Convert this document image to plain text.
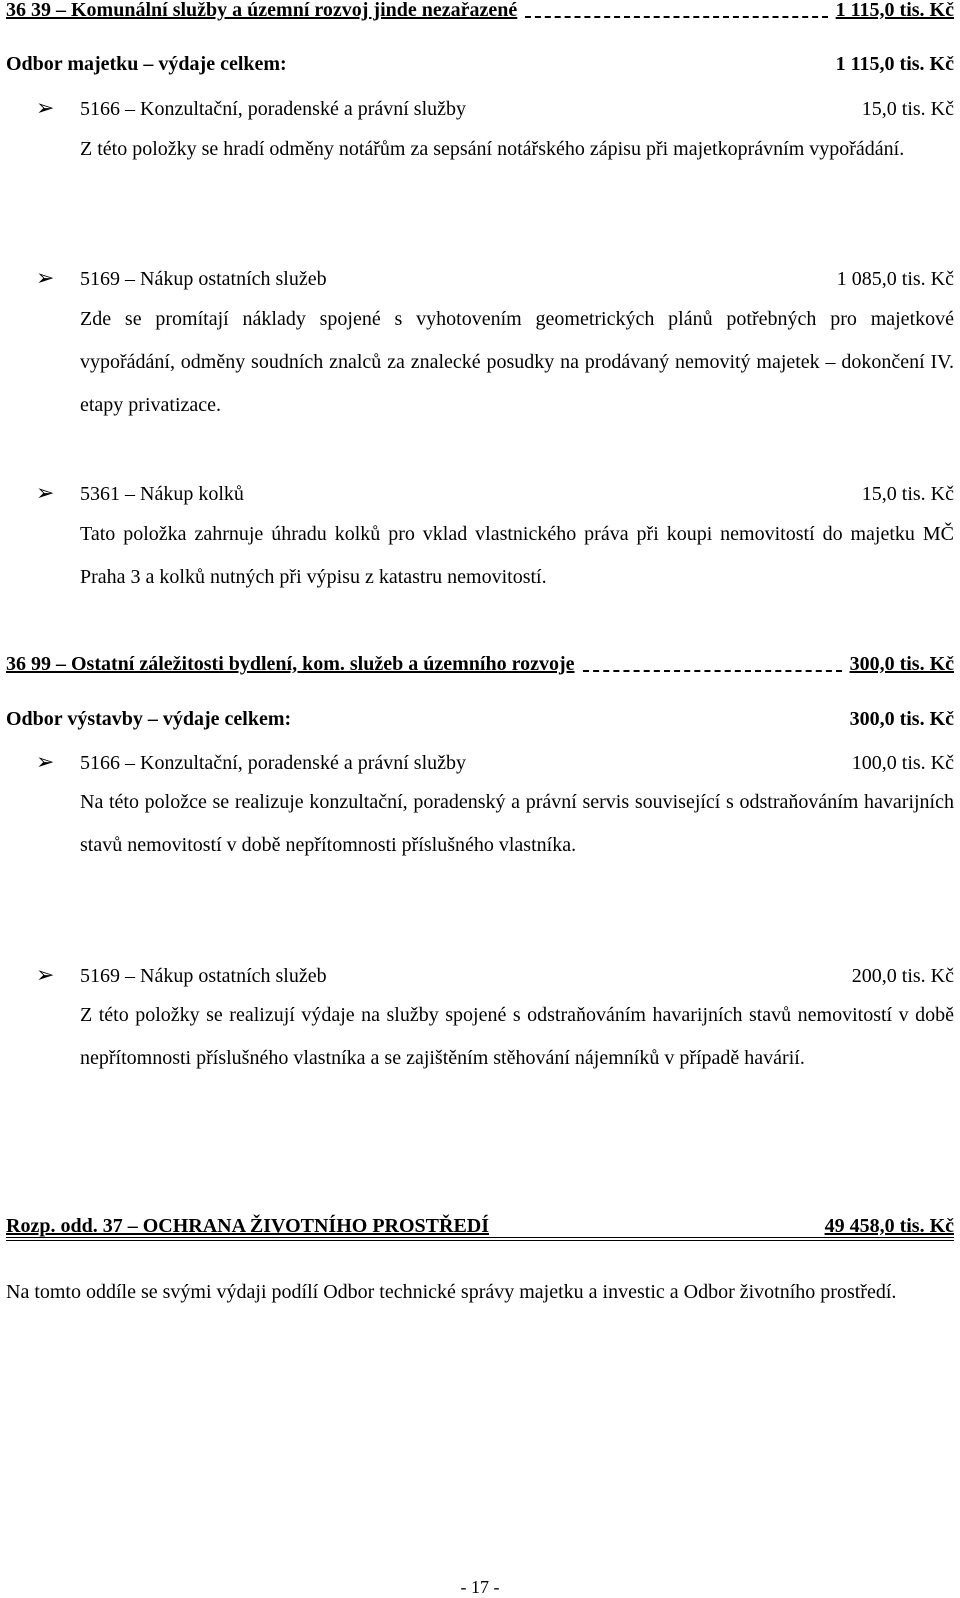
36 39 – Komunální služby a územní rozvoj jinde nezařazené	1 115,0 tis. Kč
Odbor majetku – výdaje celkem:	1 115,0 tis. Kč
➢	5166 – Konzultační, poradenské a právní služby	15,0 tis. Kč

Z této položky se hradí odměny notářům za sepsání notářského zápisu při majetkoprávním vypořádání.

➢	5169 – Nákup ostatních služeb	1 085,0 tis. Kč

Zde se promítají náklady spojené s vyhotovením geometrických plánů potřebných pro majetkové vypořádání, odměny soudních znalců za znalecké posudky na prodávaný nemovitý majetek – dokončení IV. etapy privatizace.

➢	5361 – Nákup kolků	15,0 tis. Kč

Tato položka zahrnuje úhradu kolků pro vklad vlastnického práva při koupi nemovitostí do majetku MČ Praha 3 a kolků nutných při výpisu z katastru nemovitostí.

36 99 – Ostatní záležitosti bydlení, kom. služeb a územního rozvoje	300,0 tis. Kč
Odbor výstavby – výdaje celkem:	300,0 tis. Kč
➢	5166 – Konzultační, poradenské a právní služby	100,0 tis. Kč

Na této položce se realizuje konzultační, poradenský a právní servis související s odstraňováním havarijních stavů nemovitostí v době nepřítomnosti příslušného vlastníka.

➢	5169 – Nákup ostatních služeb	200,0 tis. Kč

Z této položky se realizují výdaje na služby spojené s odstraňováním havarijních stavů nemovitostí v době nepřítomnosti příslušného vlastníka a se zajištěním stěhování nájemníků v případě havárií.

Rozp. odd. 37 – OCHRANA ŽIVOTNÍHO PROSTŘEDÍ	49 458,0 tis. Kč

Na tomto oddíle se svými výdaji podílí Odbor technické správy majetku a investic a Odbor životního prostředí.

- 17 -
